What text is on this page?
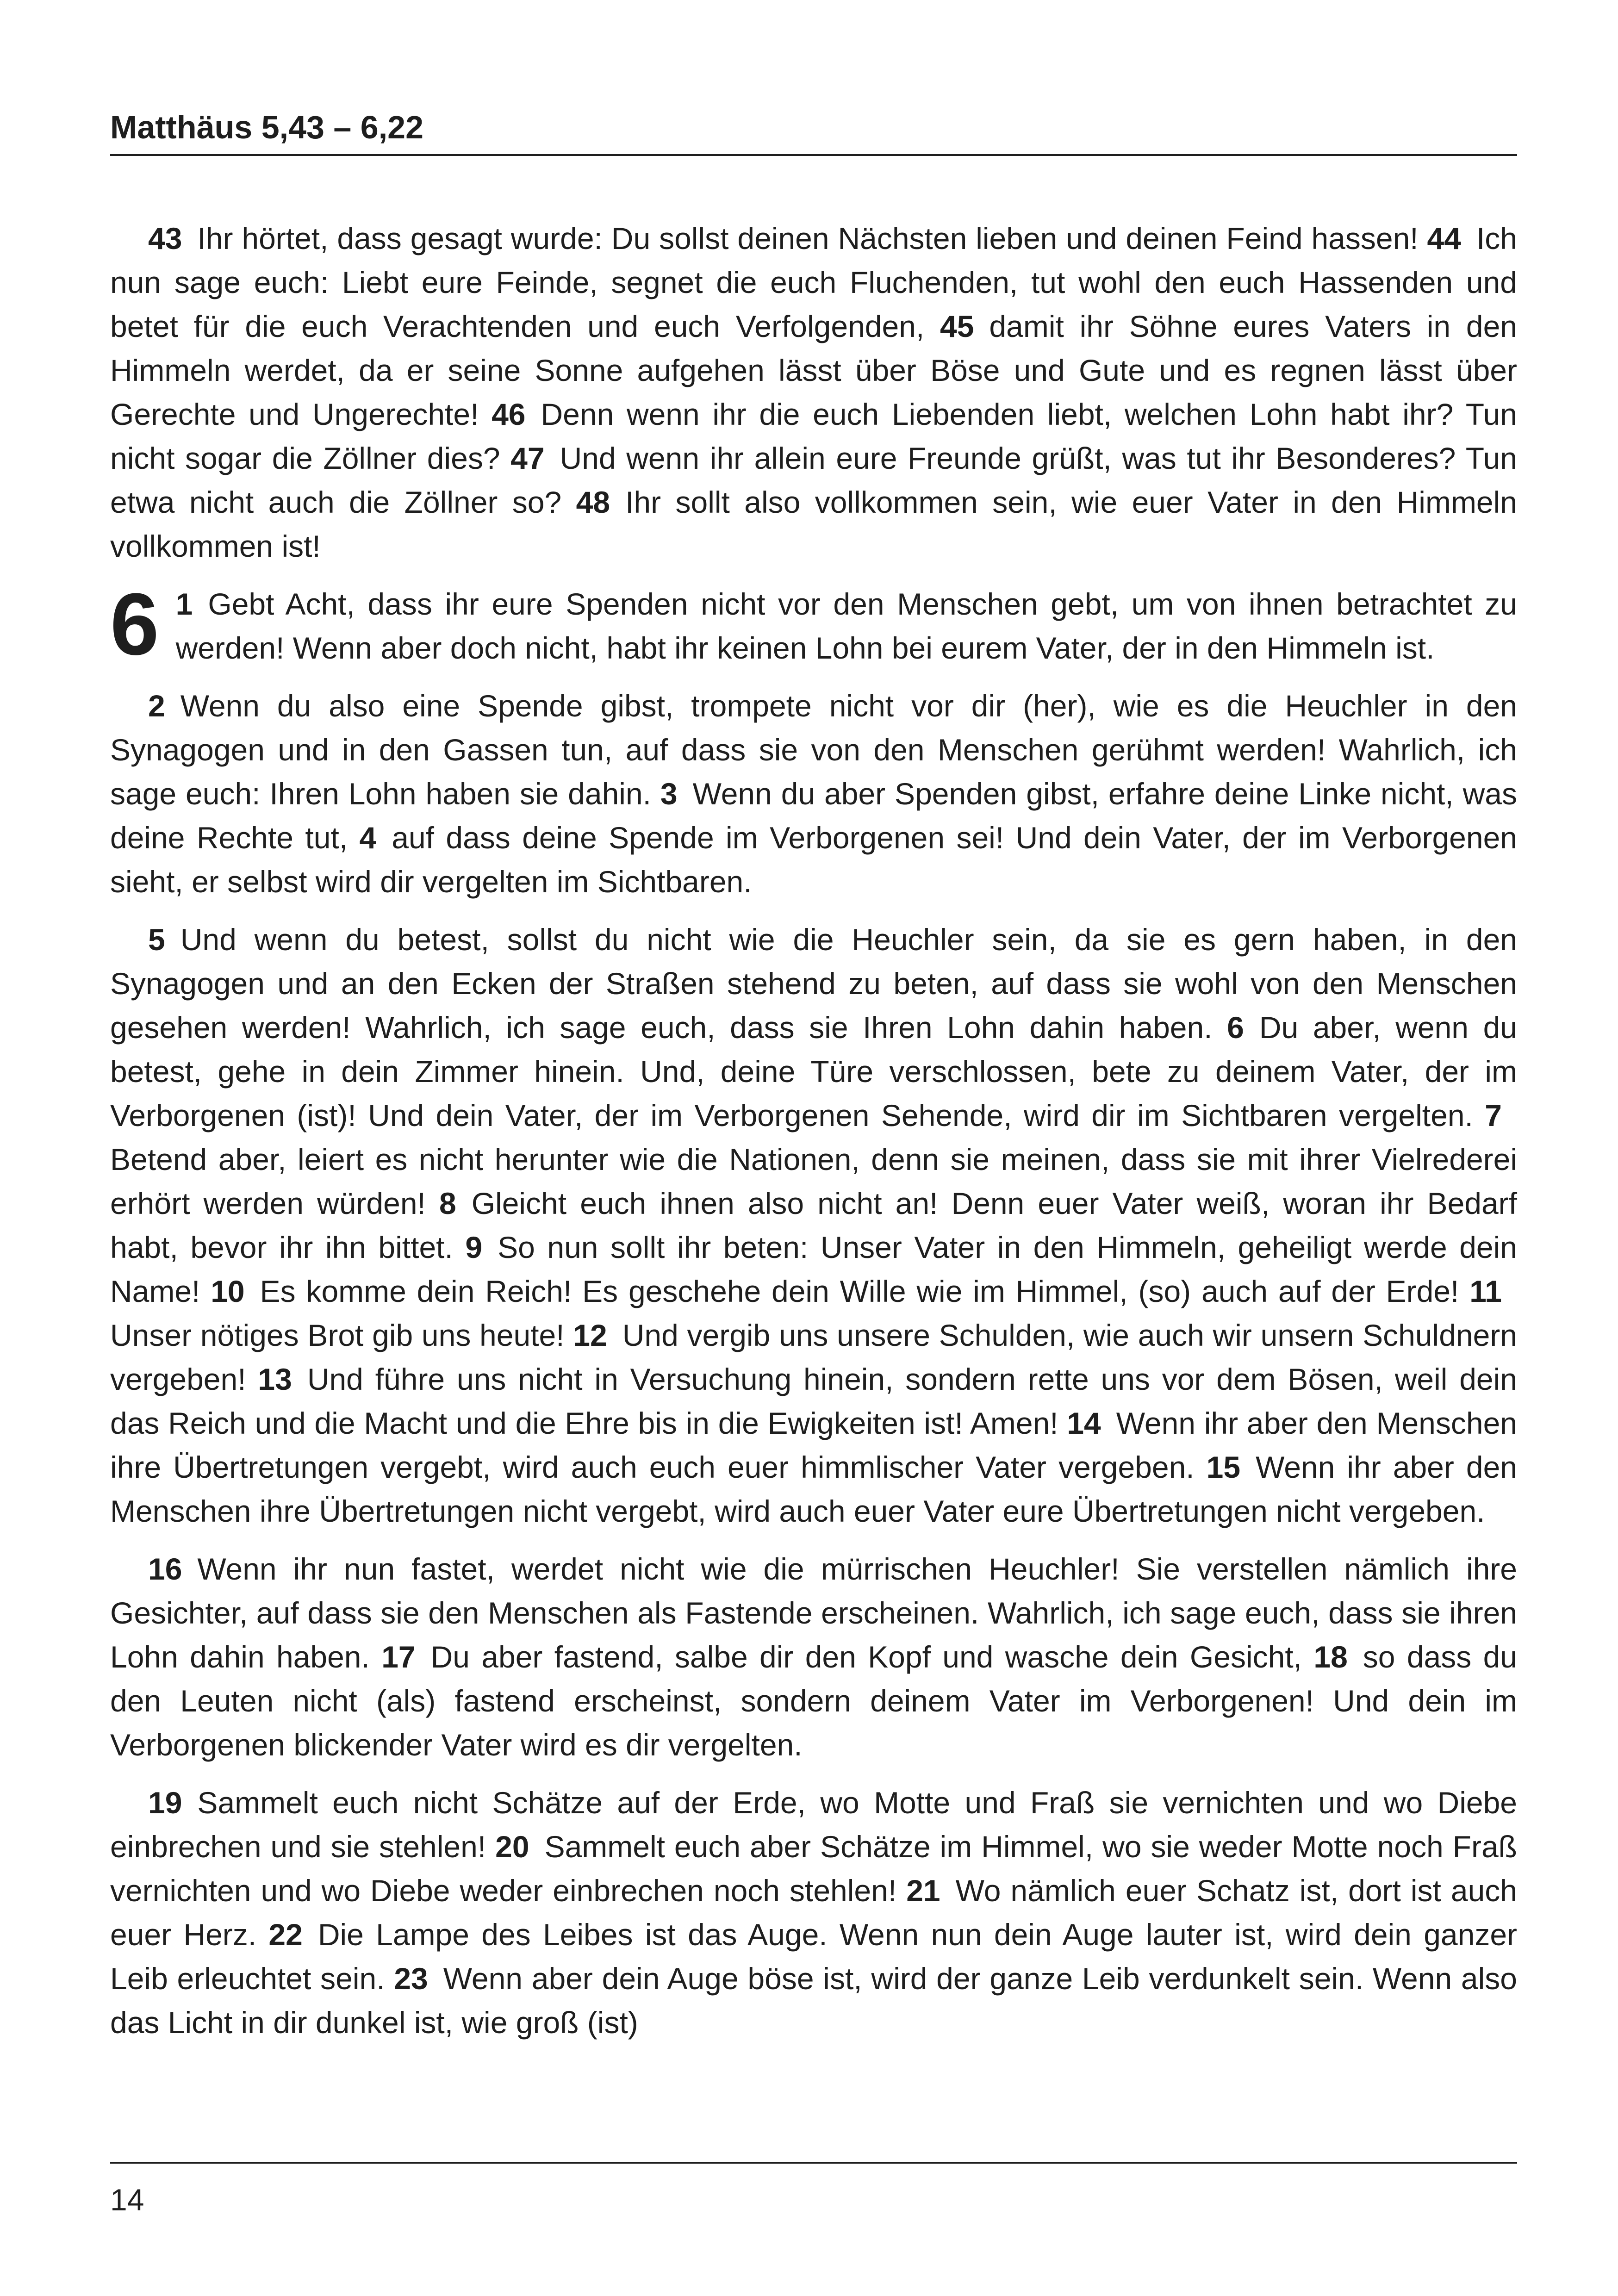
Matthäus 5,43 – 6,22

43  Ihr hörtet, dass gesagt wurde: Du sollst deinen Nächsten lieben und deinen Feind hassen! 44  Ich nun sage euch: Liebt eure Feinde, segnet die euch Fluchenden, tut wohl den euch Hassenden und betet für die euch Verachtenden und euch Verfolgenden, 45  damit ihr Söhne eures Vaters in den Himmeln werdet, da er seine Sonne aufgehen lässt über Böse und Gute und es regnen lässt über Gerechte und Ungerechte! 46  Denn wenn ihr die euch Liebenden liebt, welchen Lohn habt ihr? Tun nicht sogar die Zöllner dies? 47  Und wenn ihr allein eure Freunde grüßt, was tut ihr Besonderes? Tun etwa nicht auch die Zöllner so? 48  Ihr sollt also vollkommen sein, wie euer Vater in den Himmeln vollkommen ist!

6 1  Gebt Acht, dass ihr eure Spenden nicht vor den Menschen gebt, um von ihnen betrachtet zu werden! Wenn aber doch nicht, habt ihr keinen Lohn bei eurem Vater, der in den Himmeln ist.

2  Wenn du also eine Spende gibst, trompete nicht vor dir (her), wie es die Heuchler in den Synagogen und in den Gassen tun, auf dass sie von den Menschen gerühmt werden! Wahrlich, ich sage euch: Ihren Lohn haben sie dahin. 3  Wenn du aber Spenden gibst, erfahre deine Linke nicht, was deine Rechte tut, 4  auf dass deine Spende im Verborgenen sei! Und dein Vater, der im Verborgenen sieht, er selbst wird dir vergelten im Sichtbaren.

5  Und wenn du betest, sollst du nicht wie die Heuchler sein, da sie es gern haben, in den Synagogen und an den Ecken der Straßen stehend zu beten, auf dass sie wohl von den Menschen gesehen werden! Wahrlich, ich sage euch, dass sie Ihren Lohn dahin haben. 6  Du aber, wenn du betest, gehe in dein Zimmer hinein. Und, deine Türe verschlossen, bete zu deinem Vater, der im Verborgenen (ist)! Und dein Vater, der im Verborgenen Sehende, wird dir im Sichtbaren vergelten. 7 Betend aber, leiert es nicht herunter wie die Nationen, denn sie meinen, dass sie mit ihrer Vielrederei erhört werden würden! 8  Gleicht euch ihnen also nicht an! Denn euer Vater weiß, woran ihr Bedarf habt, bevor ihr ihn bittet. 9  So nun sollt ihr beten: Unser Vater in den Himmeln, geheiligt werde dein Name! 10  Es komme dein Reich! Es geschehe dein Wille wie im Himmel, (so) auch auf der Erde! 11 Unser nötiges Brot gib uns heute! 12  Und vergib uns unsere Schulden, wie auch wir unsern Schuldnern vergeben! 13  Und führe uns nicht in Versuchung hinein, sondern rette uns vor dem Bösen, weil dein das Reich und die Macht und die Ehre bis in die Ewigkeiten ist! Amen! 14  Wenn ihr aber den Menschen ihre Übertretungen vergebt, wird auch euch euer himmlischer Vater vergeben. 15  Wenn ihr aber den Menschen ihre Übertretungen nicht vergebt, wird auch euer Vater eure Übertretungen nicht vergeben.

16  Wenn ihr nun fastet, werdet nicht wie die mürrischen Heuchler! Sie verstellen nämlich ihre Gesichter, auf dass sie den Menschen als Fastende erscheinen. Wahrlich, ich sage euch, dass sie ihren Lohn dahin haben. 17  Du aber fastend, salbe dir den Kopf und wasche dein Gesicht, 18  so dass du den Leuten nicht (als) fastend erscheinst, sondern deinem Vater im Verborgenen! Und dein im Verborgenen blickender Vater wird es dir vergelten.

19  Sammelt euch nicht Schätze auf der Erde, wo Motte und Fraß sie vernichten und wo Diebe einbrechen und sie stehlen! 20  Sammelt euch aber Schätze im Himmel, wo sie weder Motte noch Fraß vernichten und wo Diebe weder einbrechen noch stehlen! 21  Wo nämlich euer Schatz ist, dort ist auch euer Herz. 22  Die Lampe des Leibes ist das Auge. Wenn nun dein Auge lauter ist, wird dein ganzer Leib erleuchtet sein. 23  Wenn aber dein Auge böse ist, wird der ganze Leib verdunkelt sein. Wenn also das Licht in dir dunkel ist, wie groß (ist)

14
